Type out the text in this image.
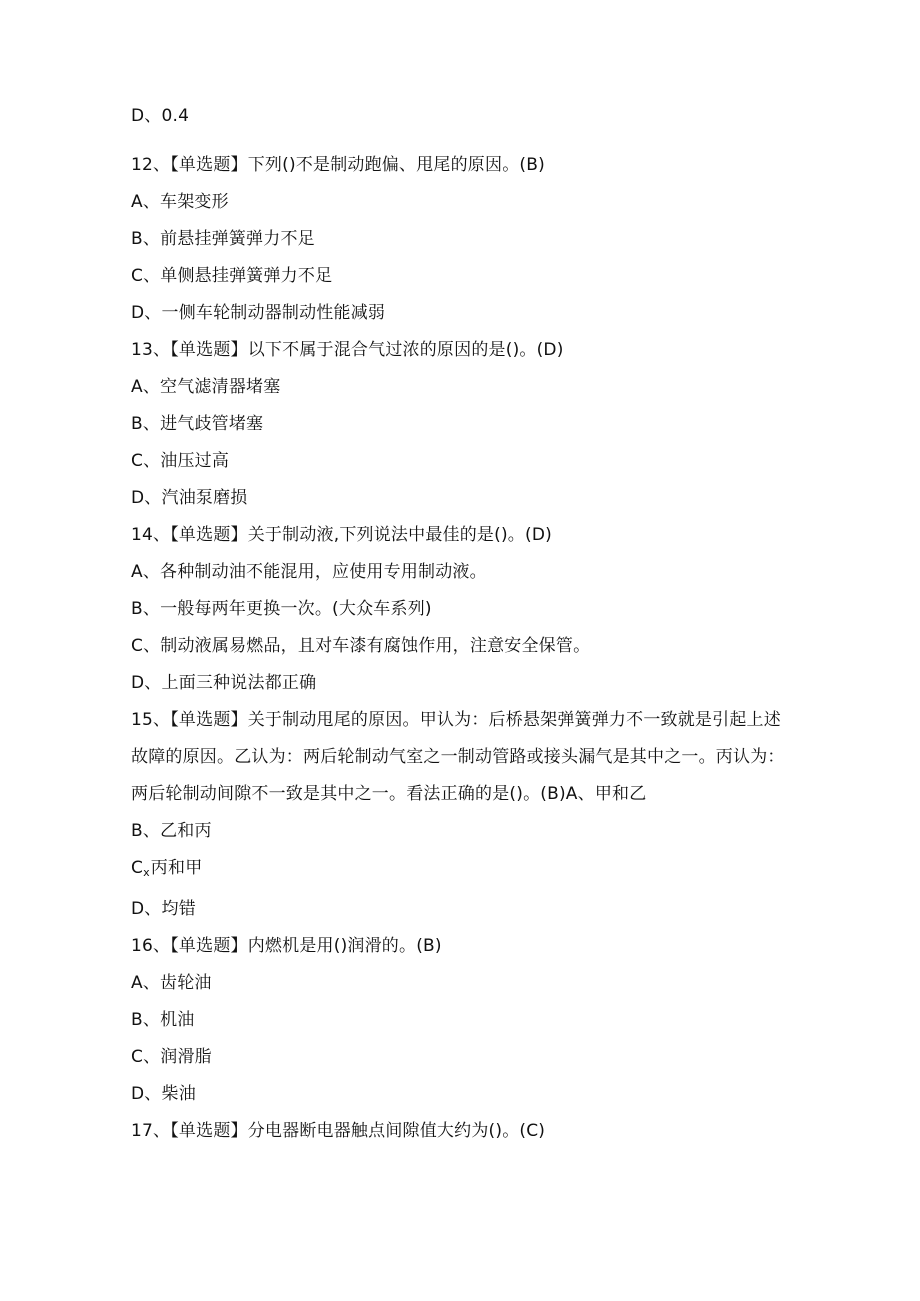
D、0.4
12、【单选题】下列()不是制动跑偏、甩尾的原因。(B)
A、车架变形
B、前悬挂弹簧弹力不足
C、单侧悬挂弹簧弹力不足
D、一侧车轮制动器制动性能减弱
13、【单选题】以下不属于混合气过浓的原因的是()。(D)
A、空气滤清器堵塞
B、进气歧管堵塞
C、油压过高
D、汽油泵磨损
14、【单选题】关于制动液,下列说法中最佳的是()。(D)
A、各种制动油不能混用，应使用专用制动液。
B、一般每两年更换一次。(大众车系列)
C、制动液属易燃品，且对车漆有腐蚀作用，注意安全保管。
D、上面三种说法都正确
15、【单选题】关于制动甩尾的原因。甲认为：后桥悬架弹簧弹力不一致就是引起上述故障的原因。乙认为：两后轮制动气室之一制动管路或接头漏气是其中之一。丙认为：两后轮制动间隙不一致是其中之一。看法正确的是()。(B)A、甲和乙
B、乙和丙
$C_x$丙和甲
D、均错
16、【单选题】内燃机是用()润滑的。(B)
A、齿轮油
B、机油
C、润滑脂
D、柴油
17、【单选题】分电器断电器触点间隙值大约为()。(C)
